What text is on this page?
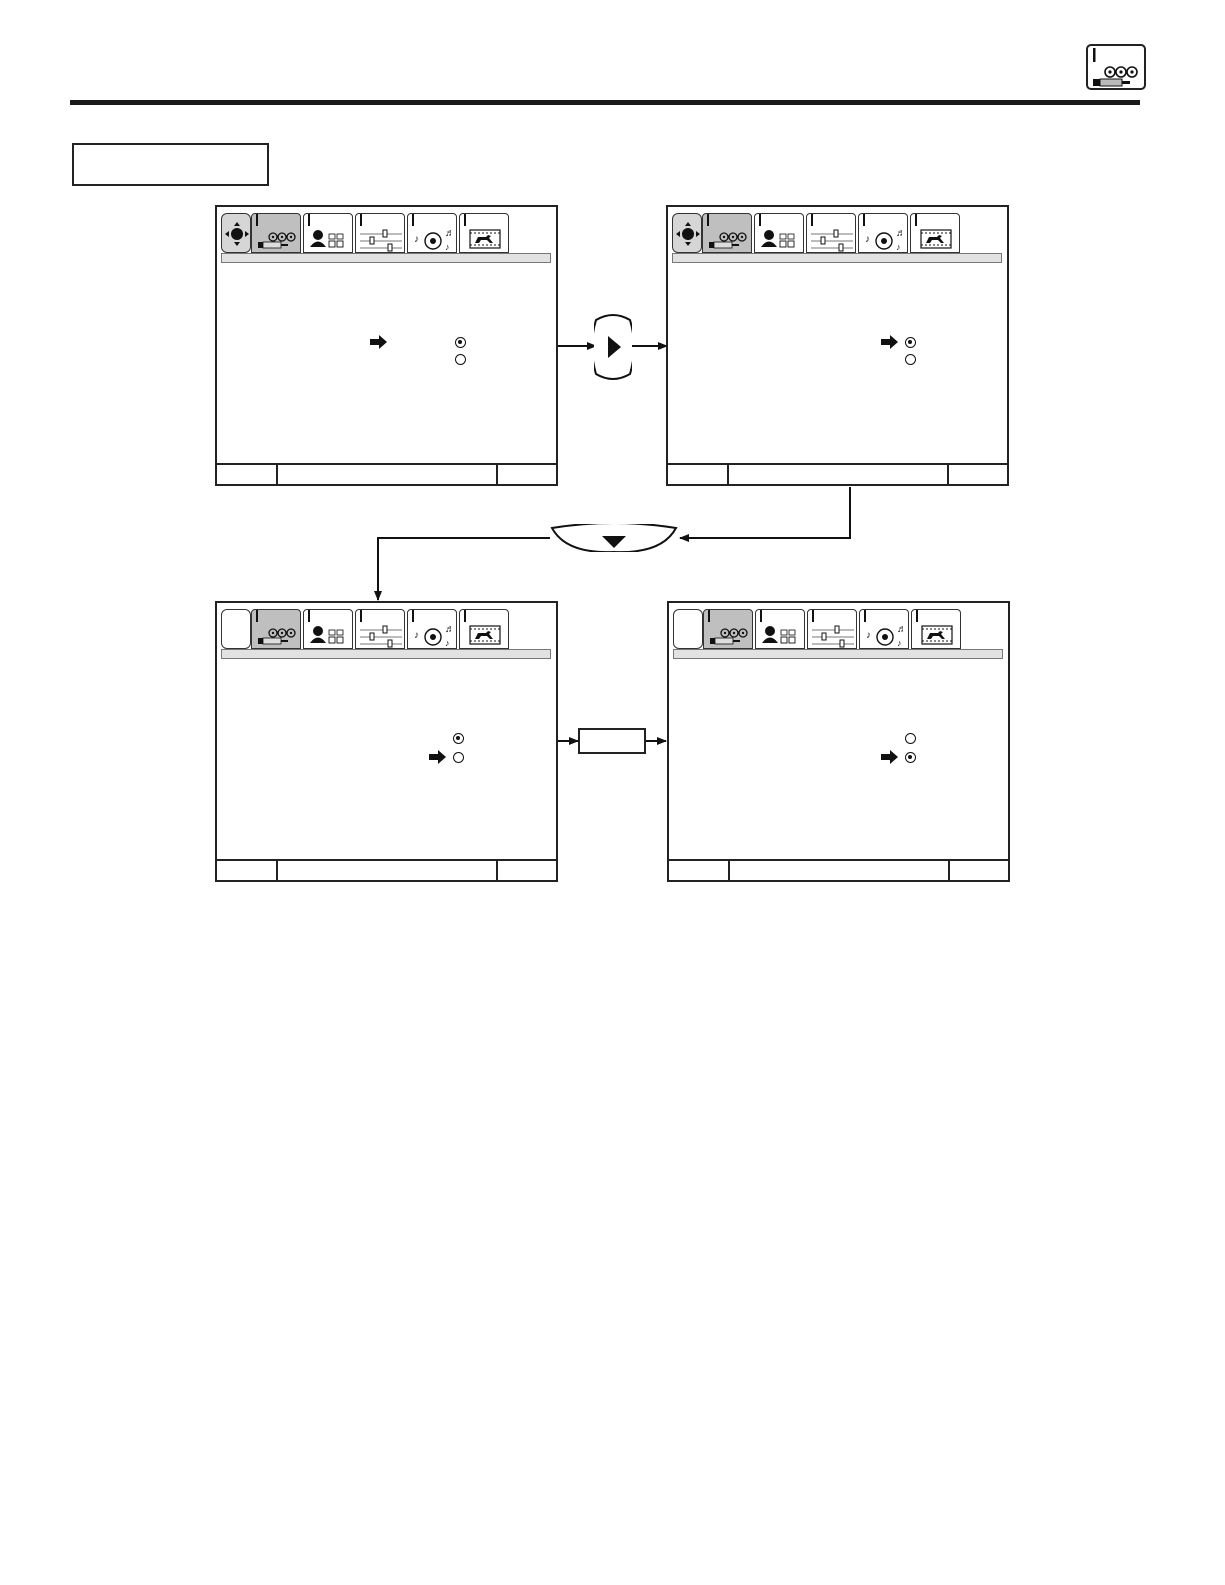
♪
♬
♪
♪
♬
♪
♪
♬
♪
♪
♬
♪
